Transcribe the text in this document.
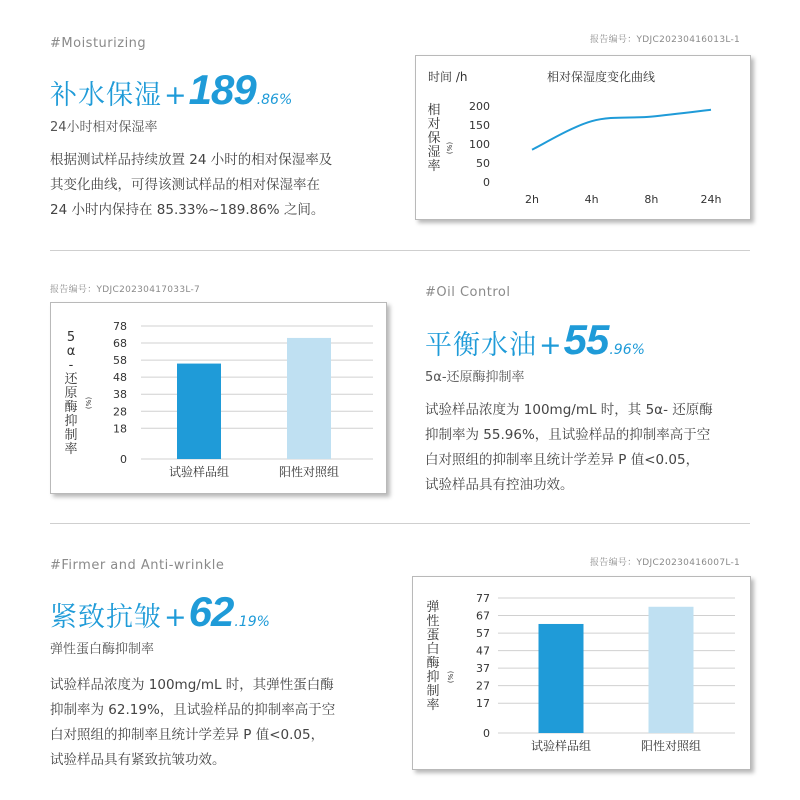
#Moisturizing	报告编号：YDJC20230416013L-1
补水保湿 + 189 .86%
24小时相对保湿率
根据测试样品持续放置 24 小时的相对保湿率及
其变化曲线，可得该测试样品的相对保湿率在
24 小时内保持在 85.33%~189.86% 之间。
时间 /h	相对保湿度变化曲线
相
对
保
湿
率
(%)
0
50
100
150
200
2h	4h	8h	24h
报告编号：YDJC20230417033L-7
5
α
-
还
原
酶
抑
制
率
(%)
0
18
28
38
48
58
68
78
试验样品组	阳性对照组
#Oil Control
平衡水油 + 55 .96%
5α-还原酶抑制率
试验样品浓度为 100mg/mL 时，其 5α- 还原酶
抑制率为 55.96%，且试验样品的抑制率高于空
白对照组的抑制率且统计学差异 P 值<0.05，
试验样品具有控油功效。
#Firmer and Anti-wrinkle	报告编号：YDJC20230416007L-1
紧致抗皱 + 62 .19%
弹性蛋白酶抑制率
试验样品浓度为 100mg/mL 时，其弹性蛋白酶
抑制率为 62.19%，且试验样品的抑制率高于空
白对照组的抑制率且统计学差异 P 值<0.05，
试验样品具有紧致抗皱功效。
弹
性
蛋
白
酶
抑
制
率
(%)
0
17
27
37
47
57
67
77
试验样品组	阳性对照组
